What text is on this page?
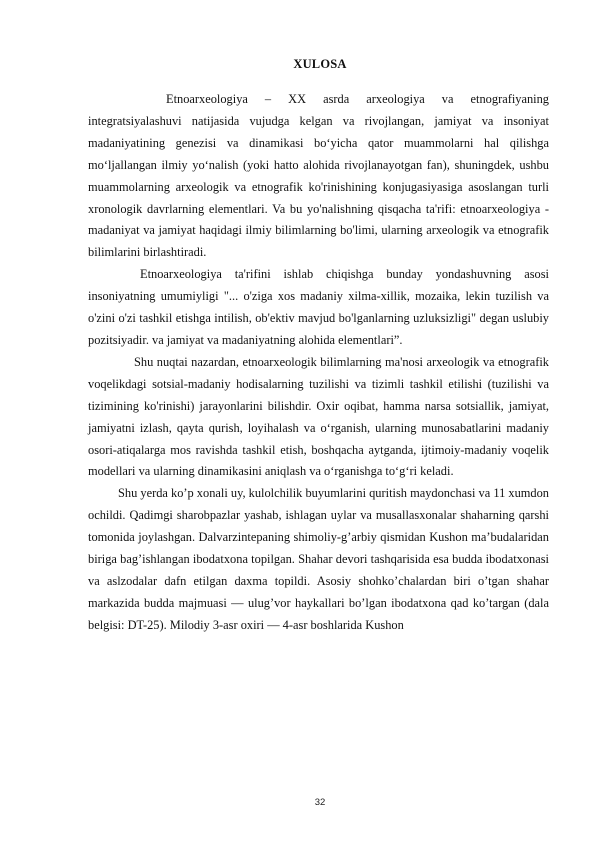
XULOSA

Etnoarxeologiya – XX asrda arxeologiya va etnografiyaning integratsiyalashuvi natijasida vujudga kelgan va rivojlangan, jamiyat va insoniyat madaniyatining genezisi va dinamikasi bo‘yicha qator muammolarni hal qilishga mo‘ljallangan ilmiy yo‘nalish (yoki hatto alohida rivojlanayotgan fan), shuningdek, ushbu muammolarning arxeologik va etnografik ko'rinishining konjugasiyasiga asoslangan turli xronologik davrlarning elementlari. Va bu yo'nalishning qisqacha ta'rifi: etnoarxeologiya - madaniyat va jamiyat haqidagi ilmiy bilimlarning bo'limi, ularning arxeologik va etnografik bilimlarini birlashtiradi.

Etnoarxeologiya ta'rifini ishlab chiqishga bunday yondashuvning asosi insoniyatning umumiyligi "... o'ziga xos madaniy xilma-xillik, mozaika, lekin tuzilish va o'zini o'zi tashkil etishga intilish, ob'ektiv mavjud bo'lganlarning uzluksizligi" degan uslubiy pozitsiyadir. va jamiyat va madaniyatning alohida elementlari”.

Shu nuqtai nazardan, etnoarxeologik bilimlarning ma'nosi arxeologik va etnografik voqelikdagi sotsial-madaniy hodisalarning tuzilishi va tizimli tashkil etilishi (tuzilishi va tizimining ko'rinishi) jarayonlarini bilishdir. Oxir oqibat, hamma narsa sotsiallik, jamiyat, jamiyatni izlash, qayta qurish, loyihalash va o‘rganish, ularning munosabatlarini madaniy osori-atiqalarga mos ravishda tashkil etish, boshqacha aytganda, ijtimoiy-madaniy voqelik modellari va ularning dinamikasini aniqlash va o‘rganishga to‘g‘ri keladi.

Shu yerda ko’p xonali uy, kulolchilik buyumlarini quritish maydonchasi va 11 xumdon ochildi. Qadimgi sharobpazlar yashab, ishlagan uylar va musallasxonalar shaharning qarshi tomonida joylashgan. Dalvarzintepaning shimoliy-g’arbiy qismidan Kushon ma’budalaridan biriga bag’ishlangan ibodatxona topilgan. Shahar devori tashqarisida esa budda ibodatxonasi va aslzodalar dafn etilgan daxma topildi. Asosiy shohko’chalardan biri o’tgan shahar markazida budda majmuasi — ulug’vor haykallari bo’lgan ibodatxona qad ko’targan (dala belgisi: DT-25). Milodiy 3-asr oxiri — 4-asr boshlarida Kushon

32
